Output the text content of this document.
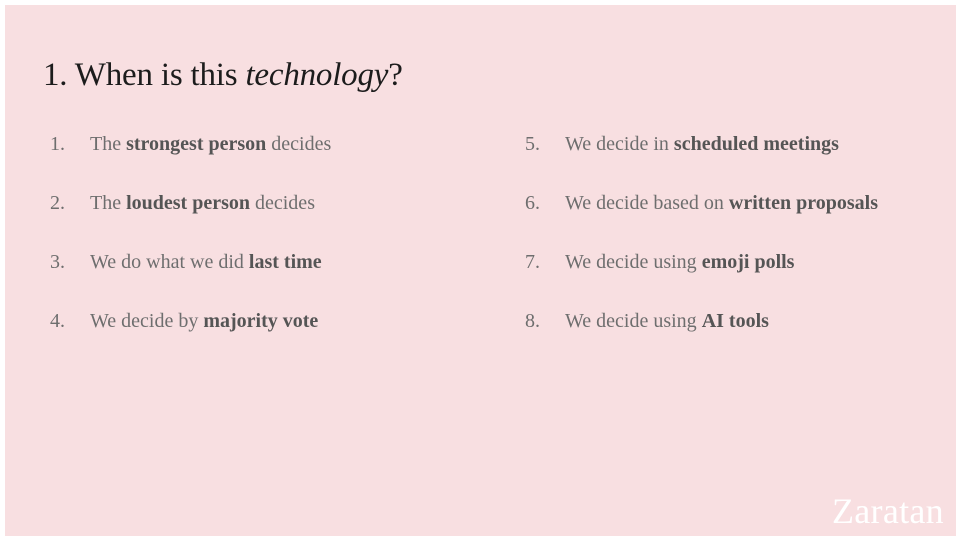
1. When is this technology?
1.	The strongest person decides
2.	The loudest person decides
3.	We do what we did last time
4.	We decide by majority vote
5.	We decide in scheduled meetings
6.	We decide based on written proposals
7.	We decide using emoji polls
8.	We decide using AI tools
Zaratan
